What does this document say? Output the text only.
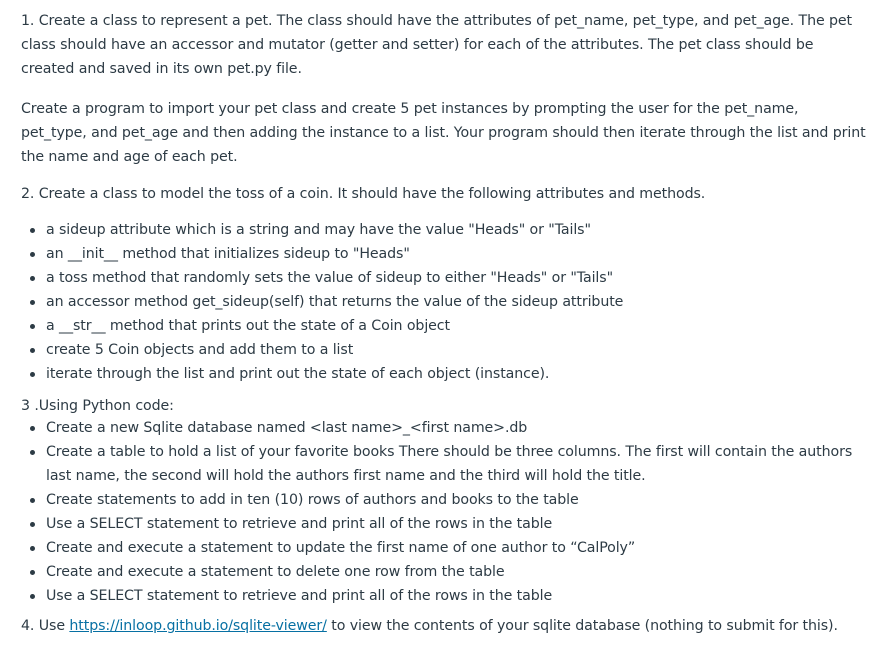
1. Create a class to represent a pet. The class should have the attributes of pet_name, pet_type, and pet_age. The pet class should have an accessor and mutator (getter and setter) for each of the attributes. The pet class should be created and saved in its own pet.py file.

Create a program to import your pet class and create 5 pet instances by prompting the user for the pet_name, pet_type, and pet_age and then adding the instance to a list. Your program should then iterate through the list and print the name and age of each pet.

2. Create a class to model the toss of a coin. It should have the following attributes and methods.

a sideup attribute which is a string and may have the value "Heads" or "Tails"
an __init__ method that initializes sideup to "Heads"
a toss method that randomly sets the value of sideup to either "Heads" or "Tails"
an accessor method get_sideup(self) that returns the value of the sideup attribute
a __str__ method that prints out the state of a Coin object
create 5 Coin objects and add them to a list
iterate through the list and print out the state of each object (instance).

3 .Using Python code:

Create a new Sqlite database named <last name>_<first name>.db
Create a table to hold a list of your favorite books There should be three columns. The first will contain the authors last name, the second will hold the authors first name and the third will hold the title.
Create statements to add in ten (10) rows of authors and books to the table
Use a SELECT statement to retrieve and print all of the rows in the table
Create and execute a statement to update the first name of one author to “CalPoly”
Create and execute a statement to delete one row from the table
Use a SELECT statement to retrieve and print all of the rows in the table

4. Use https://inloop.github.io/sqlite-viewer/ to view the contents of your sqlite database (nothing to submit for this).
